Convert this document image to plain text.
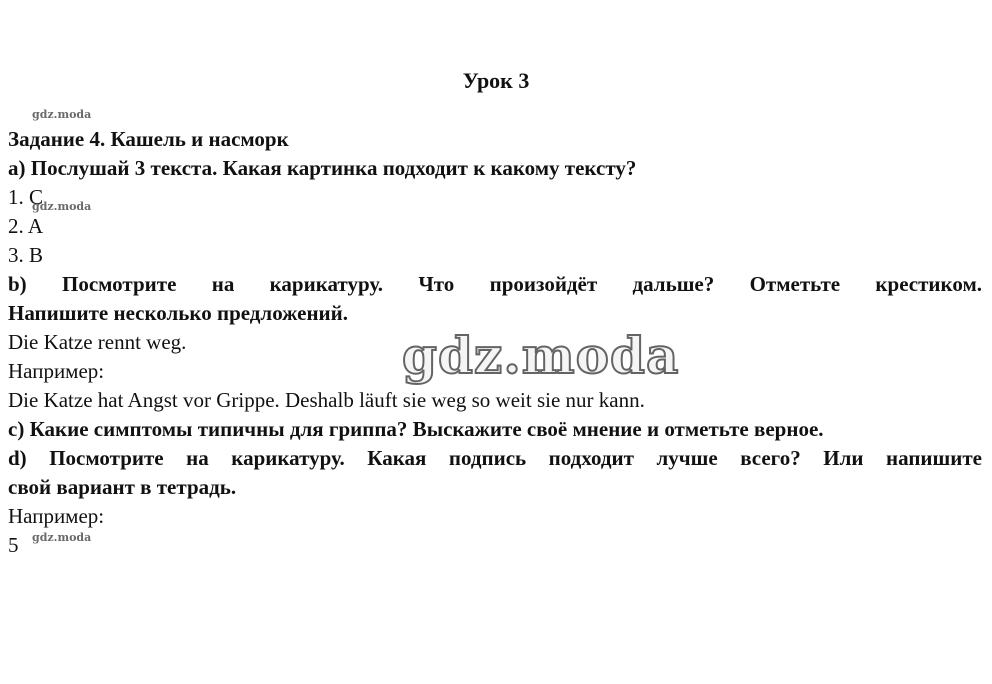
Урок 3
gdz.moda
Задание 4. Кашель и насморк
а) Послушай 3 текста. Какая картинка подходит к какому тексту?
1. C
gdz.moda
2. A
3. B
b) Посмотрите на карикатуру. Что произойдёт дальше? Отметьте крестиком.
Напишите несколько предложений.
Die Katze rennt weg.
Например:
Die Katze hat Angst vor Grippe. Deshalb läuft sie weg so weit sie nur kann.
c) Какие симптомы типичны для гриппа? Выскажите своё мнение и отметьте верное.
d) Посмотрите на карикатуру. Какая подпись подходит лучше всего? Или напишите
свой вариант в тетрадь.
Например:
5 gdz.moda
gdz.moda
